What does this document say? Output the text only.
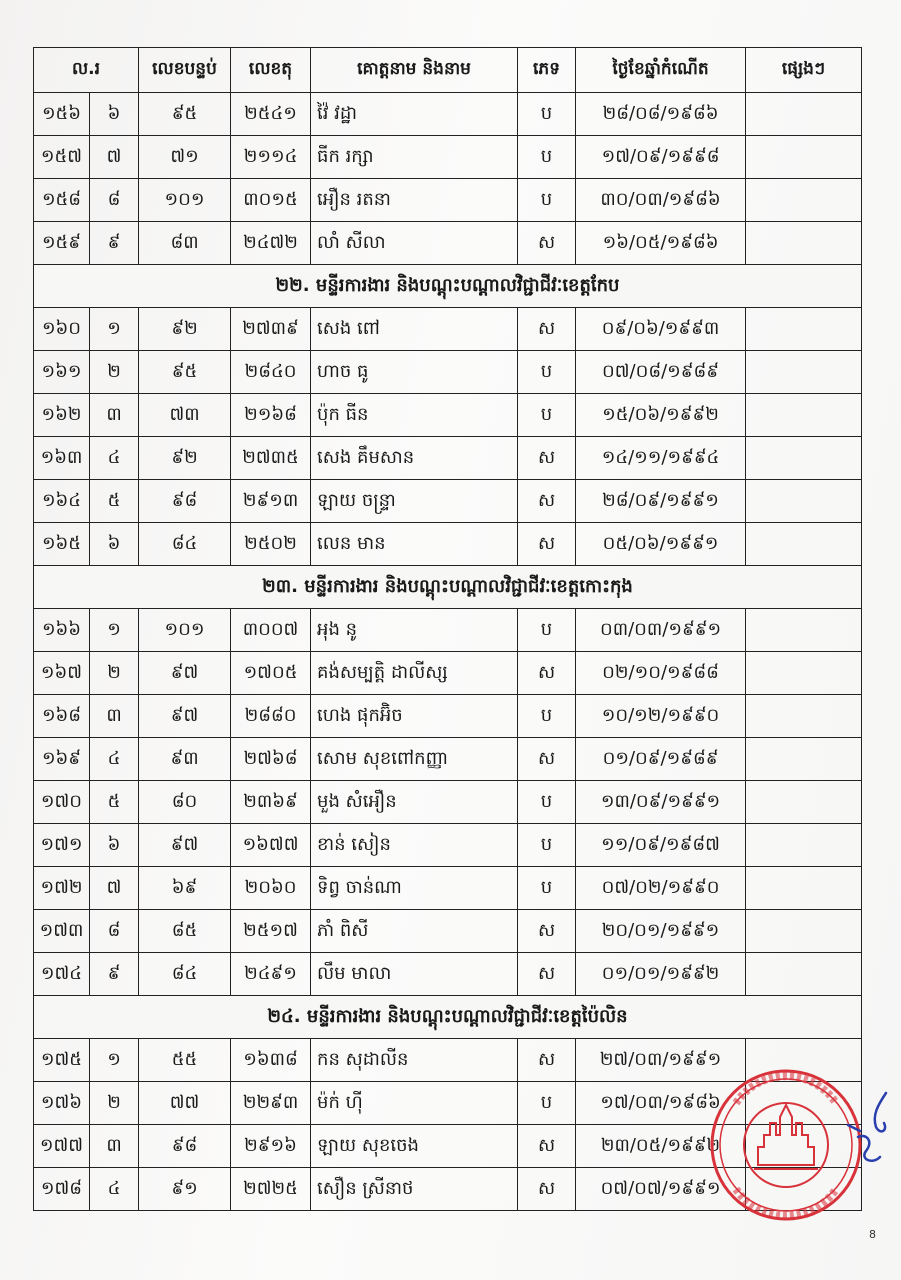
ល.រ		លេខបន្ទប់	លេខតុ	គោត្តនាម និងនាម	ភេទ	ថ្ងៃខែឆ្នាំកំណើត	ផ្សេងៗ
១៥៦	៦	៩៥	២៥៤១	វ៉ៃ វដ្ឋា	ប	២៨/០៨/១៩៨៦	
១៥៧	៧	៧១	២១១៤	ធីក រក្សា	ប	១៧/០៩/១៩៩៨	
១៥៨	៨	១០១	៣០១៥	អឿន រតនា	ប	៣០/០៣/១៩៨៦	
១៥៩	៩	៨៣	២៤៧២	លាំ សីលា	ស	១៦/០៥/១៩៨៦	
២២. មន្ទីរការងារ និងបណ្តុះបណ្តាលវិជ្ជាជីវៈខេត្តកែប							
១៦០	១	៩២	២៧៣៩	សេង ពៅ	ស	០៩/០៦/១៩៩៣	
១៦១	២	៩៥	២៨៤០	ហាច ធូ	ប	០៧/០៨/១៩៨៩	
១៦២	៣	៧៣	២១៦៨	ប៉ុក ធីន	ប	១៥/០៦/១៩៩២	
១៦៣	៤	៩២	២៧៣៥	សេង គឹមសាន	ស	១៤/១១/១៩៩៤	
១៦៤	៥	៩៨	២៩១៣	ឡាយ ចន្ទ្រា	ស	២៨/០៩/១៩៩១	
១៦៥	៦	៨៤	២៥០២	លេន មាន	ស	០៥/០៦/១៩៩១	
២៣. មន្ទីរការងារ និងបណ្តុះបណ្តាលវិជ្ជាជីវៈខេត្តកោះកុង							
១៦៦	១	១០១	៣០០៧	អុង នូ	ប	០៣/០៣/១៩៩១	
១៦៧	២	៩៧	១៧០៥	គង់សម្បត្តិ ដាលីស្ស	ស	០២/១០/១៩៨៨	
១៦៨	៣	៩៧	២៨៨០	ហេង ផុកអ៊ិច	ប	១០/១២/១៩៩០	
១៦៩	៤	៩៣	២៧៦៨	សោម សុខពៅកញ្ញា	ស	០១/០៩/១៩៨៩	
១៧០	៥	៨០	២៣៦៩	មួង សំអឿន	ប	១៣/០៩/១៩៩១	
១៧១	៦	៩៧	១៦៧៧	ខាន់ សៀន	ប	១១/០៩/១៩៨៧	
១៧២	៧	៦៩	២០៦០	ទិព្វ ចាន់ណា	ប	០៧/០២/១៩៩០	
១៧៣	៨	៨៥	២៥១៧	ភាំ ពិសី	ស	២០/០១/១៩៩១	
១៧៤	៩	៨៤	២៤៩១	លឹម មាលា	ស	០១/០១/១៩៩២	
២៤. មន្ទីរការងារ និងបណ្តុះបណ្តាលវិជ្ជាជីវៈខេត្តប៉ៃលិន							
១៧៥	១	៥៥	១៦៣៨	កន សុដាលីន	ស	២៧/០៣/១៩៩១	
១៧៦	២	៧៧	២២៩៣	ម៉ក់ ហ៊ី	ប	១៧/០៣/១៩៨៦	
១៧៧	៣	៩៨	២៩១៦	ឡាយ សុខចេង	ស	២៣/០៥/១៩៩២	
១៧៨	៤	៩១	២៧២៥	សឿន ស្រីនាថ	ស	០៧/០៧/១៩៩១	
8
